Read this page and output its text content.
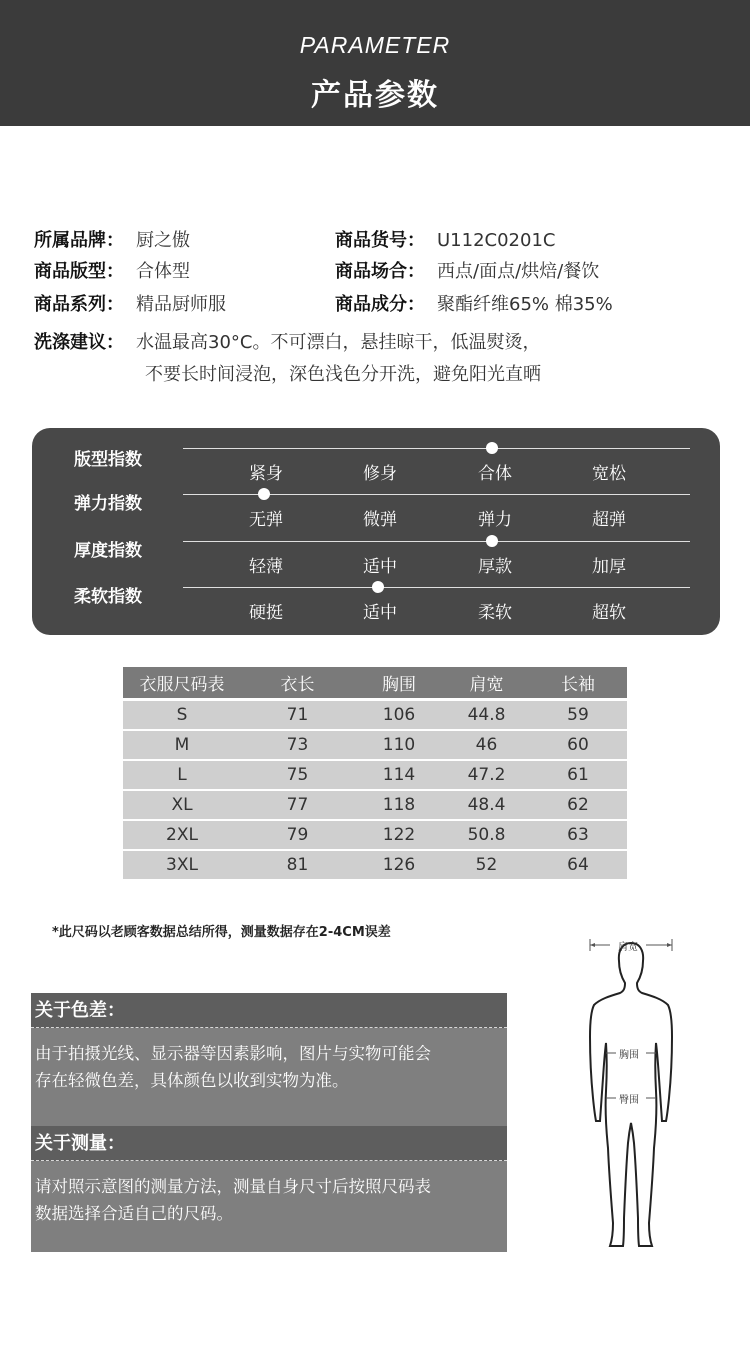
PARAMETER
产品参数
所属品牌： 厨之傲	商品货号： U112C0201C
商品版型： 合体型	商品场合： 西点/面点/烘焙/餐饮
商品系列： 精品厨师服	商品成分： 聚酯纤维65% 棉35%
洗涤建议： 水温最高30°C。不可漂白，悬挂晾干，低温熨烫，
不要长时间浸泡，深色浅色分开洗，避免阳光直晒
版型指数
紧身	修身	合体	宽松
弹力指数
无弹	微弹	弹力	超弹
厚度指数
轻薄	适中	厚款	加厚
柔软指数
硬挺	适中	柔软	超软
衣服尺码表	衣长	胸围	肩宽	长袖
S	71	106	44.8	59
M	73	110	46	60
L	75	114	47.2	61
XL	77	118	48.4	62
2XL	79	122	50.8	63
3XL	81	126	52	64
*此尺码以老顾客数据总结所得，测量数据存在2-4CM误差
关于色差：
由于拍摄光线、显示器等因素影响，图片与实物可能会
存在轻微色差，具体颜色以收到实物为准。
关于测量：
请对照示意图的测量方法，测量自身尺寸后按照尺码表
数据选择合适自己的尺码。
肩宽
胸围
臀围
